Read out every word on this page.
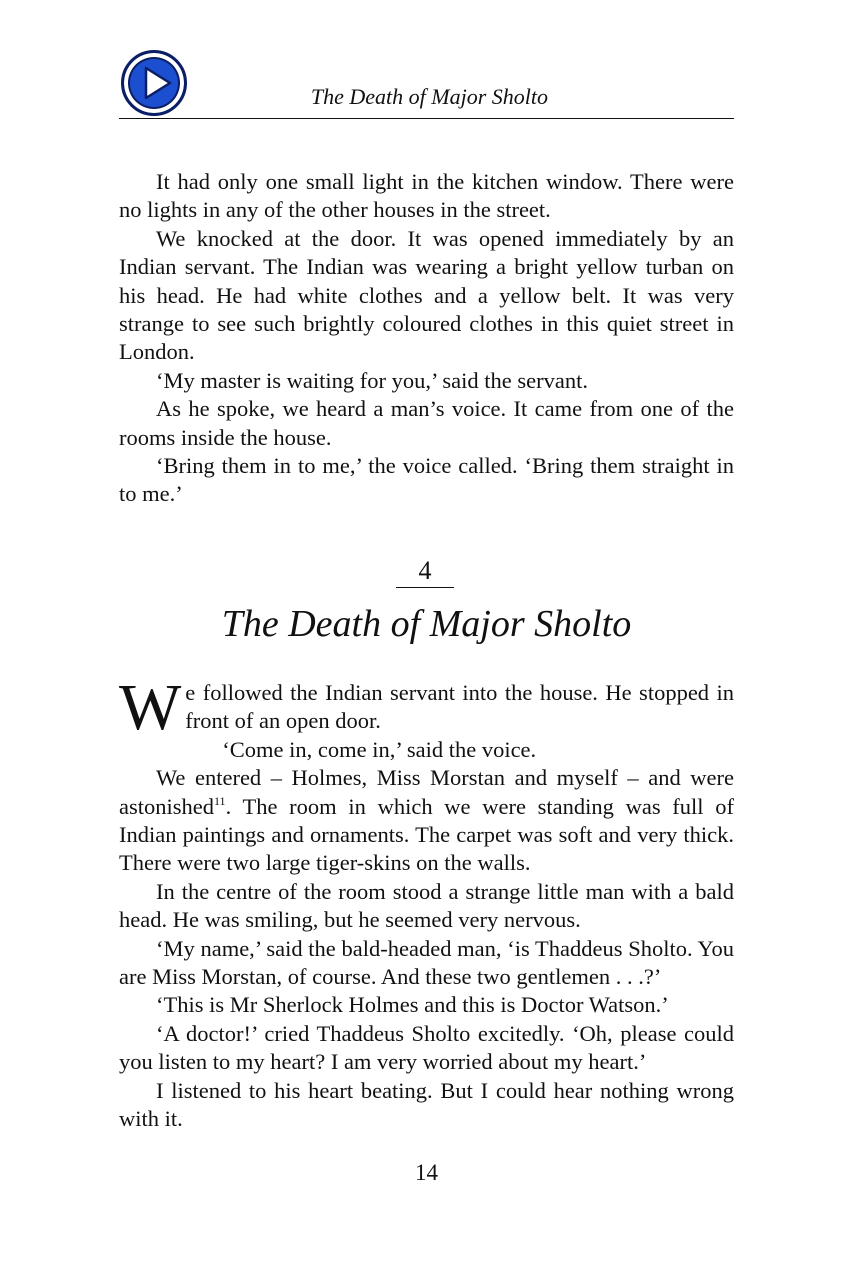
The Death of Major Sholto

It had only one small light in the kitchen window. There were no lights in any of the other houses in the street.

We knocked at the door. It was opened immediately by an Indian servant. The Indian was wearing a bright yellow turban on his head. He had white clothes and a yellow belt. It was very strange to see such brightly coloured clothes in this quiet street in London.

‘My master is waiting for you,’ said the servant.

As he spoke, we heard a man’s voice. It came from one of the rooms inside the house.

‘Bring them in to me,’ the voice called. ‘Bring them straight in to me.’

4
The Death of Major Sholto

We followed the Indian servant into the house. He stopped in front of an open door.

‘Come in, come in,’ said the voice.

We entered – Holmes, Miss Morstan and myself – and were astonished$^{11}$. The room in which we were standing was full of Indian paintings and ornaments. The carpet was soft and very thick. There were two large tiger-skins on the walls.

In the centre of the room stood a strange little man with a bald head. He was smiling, but he seemed very nervous.

‘My name,’ said the bald-headed man, ‘is Thaddeus Sholto. You are Miss Morstan, of course. And these two gentlemen . . .?’

‘This is Mr Sherlock Holmes and this is Doctor Watson.’

‘A doctor!’ cried Thaddeus Sholto excitedly. ‘Oh, please could you listen to my heart? I am very worried about my heart.’

I listened to his heart beating. But I could hear nothing wrong with it.

14
